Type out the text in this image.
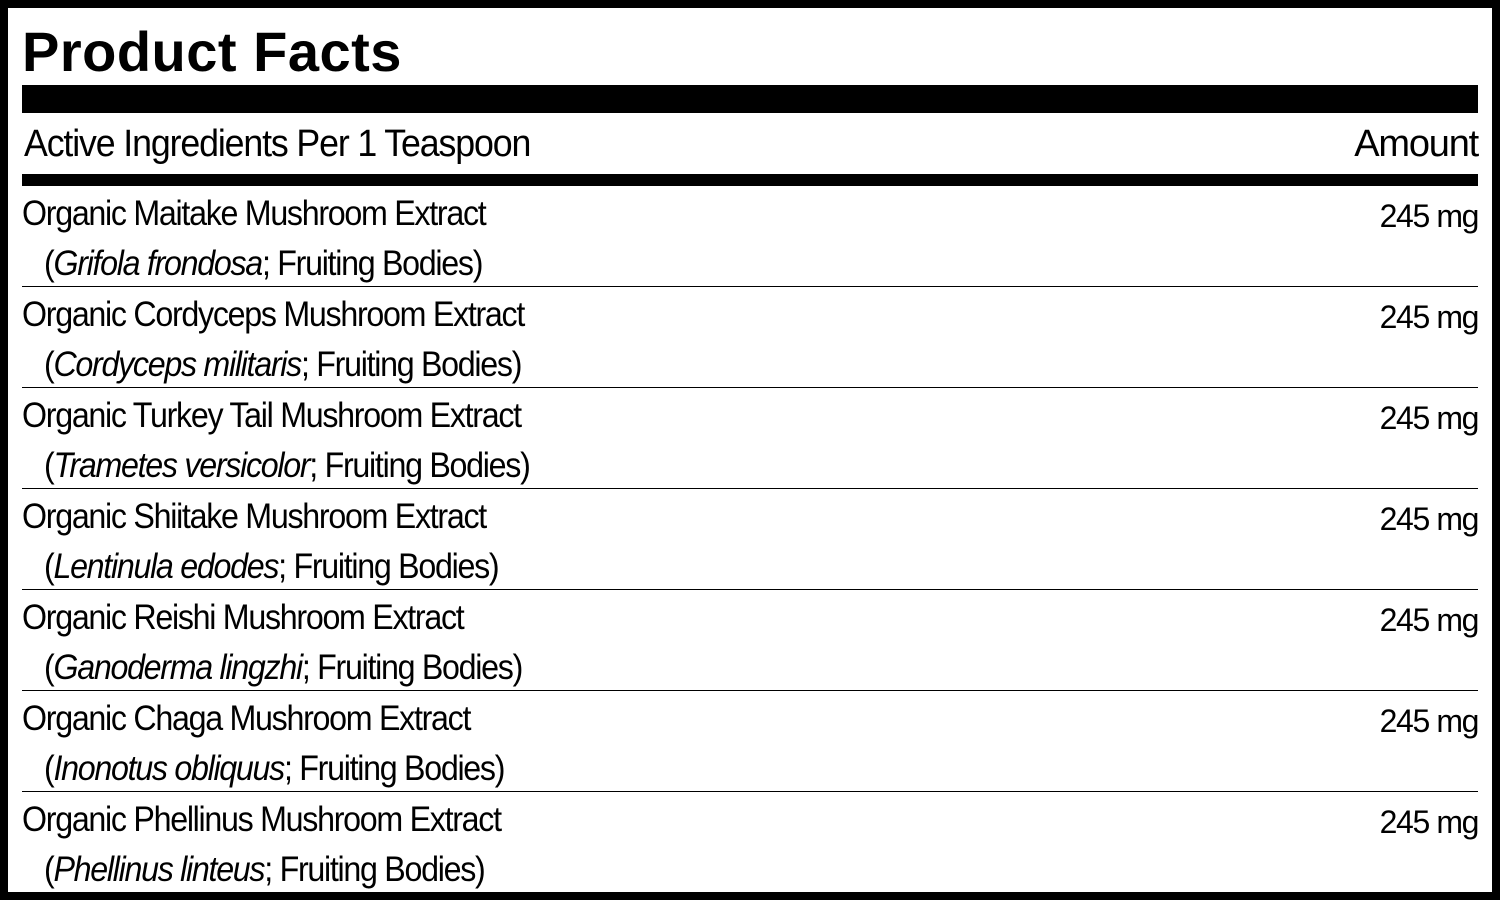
Product Facts
Active Ingredients Per 1 Teaspoon	Amount
Organic Maitake Mushroom Extract
(Grifola frondosa; Fruiting Bodies)
245 mg
Organic Cordyceps Mushroom Extract
(Cordyceps militaris; Fruiting Bodies)
245 mg
Organic Turkey Tail Mushroom Extract
(Trametes versicolor; Fruiting Bodies)
245 mg
Organic Shiitake Mushroom Extract
(Lentinula edodes; Fruiting Bodies)
245 mg
Organic Reishi Mushroom Extract
(Ganoderma lingzhi; Fruiting Bodies)
245 mg
Organic Chaga Mushroom Extract
(Inonotus obliquus; Fruiting Bodies)
245 mg
Organic Phellinus Mushroom Extract
(Phellinus linteus; Fruiting Bodies)
245 mg
